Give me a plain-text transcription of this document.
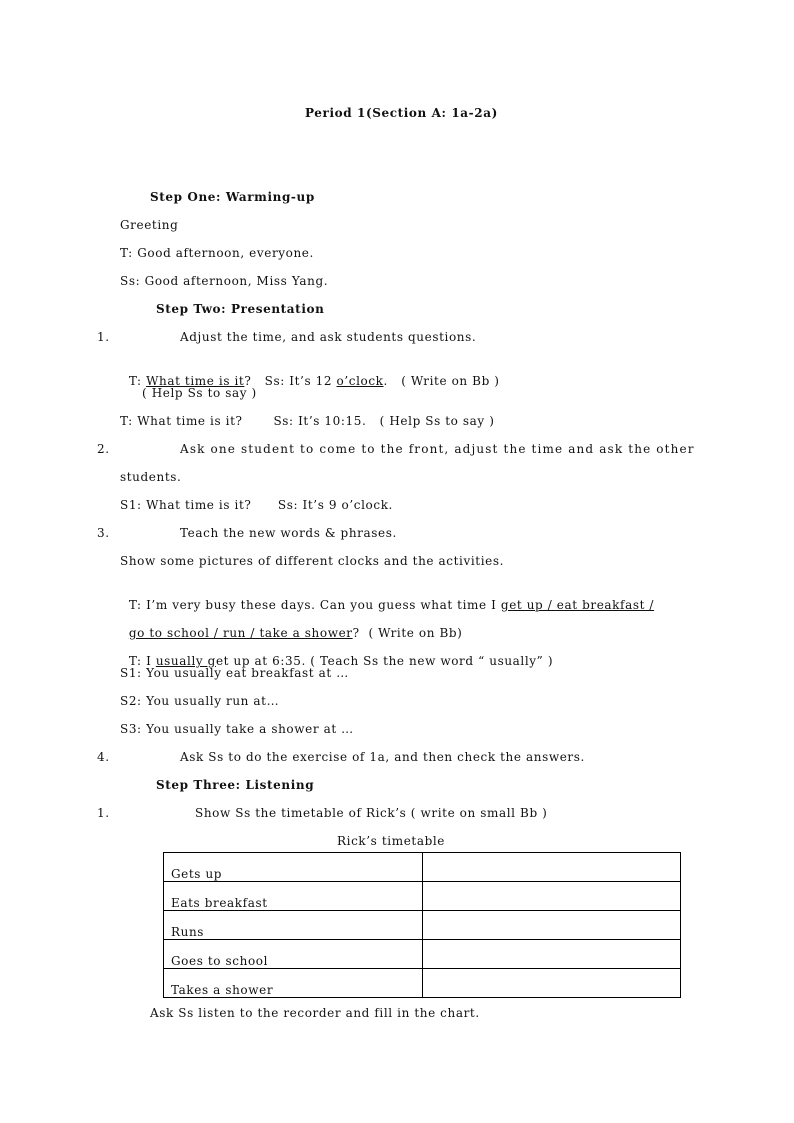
Period 1(Section A: 1a-2a)
Step One: Warming-up
Greeting
T: Good afternoon, everyone.
Ss: Good afternoon, Miss Yang.
Step Two: Presentation
1.	Adjust the time, and ask students questions.

T: What time is it?   Ss: It’s 12 o’clock.   ( Write on Bb )

( Help Ss to say )
T: What time is it?       Ss: It’s 10:15.   ( Help Ss to say )
2.	Ask one student to come to the front, adjust the time and ask the other
students.
S1: What time is it?      Ss: It’s 9 o’clock.
3.	Teach the new words & phrases.
Show some pictures of different clocks and the activities.

T: I’m very busy these days. Can you guess what time I get up / eat breakfast /

go to school / run / take a shower?  ( Write on Bb)

T: I usually get up at 6:35. ( Teach Ss the new word “ usually” )

S1: You usually eat breakfast at …
S2: You usually run at…
S3: You usually take a shower at …
4.	Ask Ss to do the exercise of 1a, and then check the answers.
Step Three: Listening
1.	Show Ss the timetable of Rick’s ( write on small Bb )
Rick’s timetable
Gets up	
Eats breakfast	
Runs	
Goes to school	
Takes a shower	
Ask Ss listen to the recorder and fill in the chart.
